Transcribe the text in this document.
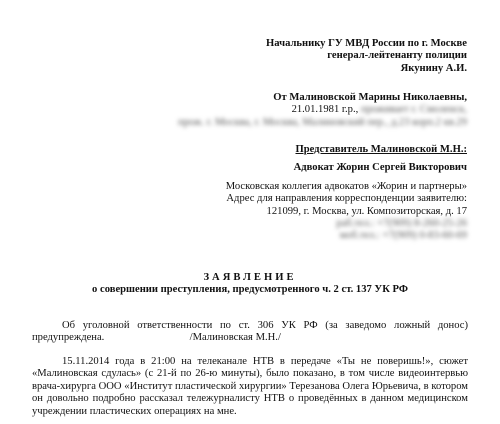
Начальнику ГУ МВД России по г. Москве
генерал-лейтенанту полиции
Якунину А.И.
От Малиновской Марины Николаевны,
21.01.1981 г.р., проживает г. Смоленск,
прож. г. Москва, г. Москва, Малиновский пер., д.23 корп.2 кв.29
Представитель Малиновской М.Н.:
Адвокат Жорин Сергей Викторович
Московская коллегия адвокатов «Жорин и партнеры»
Адрес для направления корреспонденции заявителю:
121099, г. Москва, ул. Композиторская, д. 17
раб.тел.: +7(909) 8-260-25-26
моб.тел.: +7(909) 0-83-60-69
ЗАЯВЛЕНИЕ
о совершении преступления, предусмотренного ч. 2 ст. 137 УК РФ
Об уголовной ответственности по ст. 306 УК РФ (за заведомо ложный донос) предупреждена.	/Малиновская М.Н./
15.11.2014 года в 21:00 на телеканале НТВ в передаче «Ты не поверишь!», сюжет «Малиновская сдулась» (с 21-й по 26-ю минуты), было показано, в том числе видеоинтервью врача-хирурга ООО «Институт пластической хирургии» Терезанова Олега Юрьевича, в котором он довольно подробно рассказал тележурналисту НТВ о проведённых в данном медицинском учреждении пластических операциях на мне.
